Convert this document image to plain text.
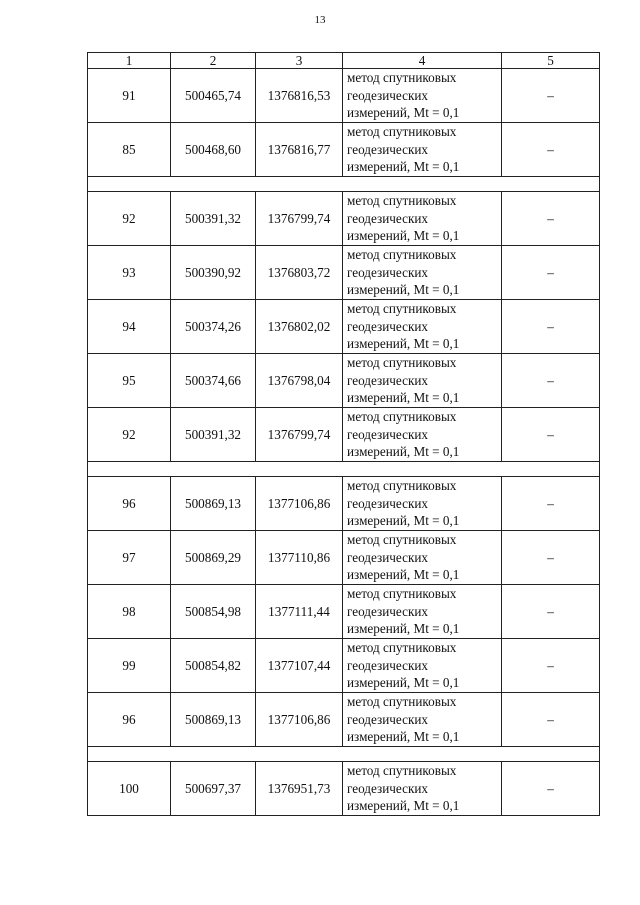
13
1	2	3	4	5
91	500465,74	1376816,53	метод спутниковых
геодезических
измерений, Mt = 0,1	–
85	500468,60	1376816,77	метод спутниковых
геодезических
измерений, Mt = 0,1	–

92	500391,32	1376799,74	метод спутниковых
геодезических
измерений, Mt = 0,1	–
93	500390,92	1376803,72	метод спутниковых
геодезических
измерений, Mt = 0,1	–
94	500374,26	1376802,02	метод спутниковых
геодезических
измерений, Mt = 0,1	–
95	500374,66	1376798,04	метод спутниковых
геодезических
измерений, Mt = 0,1	–
92	500391,32	1376799,74	метод спутниковых
геодезических
измерений, Mt = 0,1	–

96	500869,13	1377106,86	метод спутниковых
геодезических
измерений, Mt = 0,1	–
97	500869,29	1377110,86	метод спутниковых
геодезических
измерений, Mt = 0,1	–
98	500854,98	1377111,44	метод спутниковых
геодезических
измерений, Mt = 0,1	–
99	500854,82	1377107,44	метод спутниковых
геодезических
измерений, Mt = 0,1	–
96	500869,13	1377106,86	метод спутниковых
геодезических
измерений, Mt = 0,1	–

100	500697,37	1376951,73	метод спутниковых
геодезических
измерений, Mt = 0,1	–
